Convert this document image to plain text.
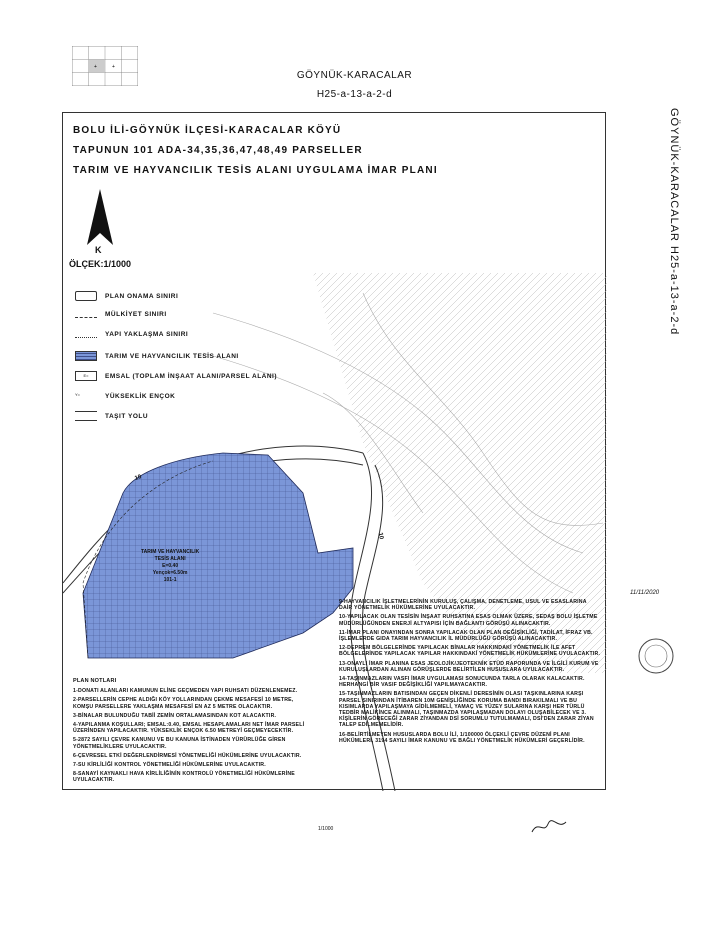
+	+
GÖYNÜK-KARACALAR
H25-a-13-a-2-d
GÖYNÜK-KARACALAR H25-a-13-a-2-d
BOLU İLİ-GÖYNÜK İLÇESİ-KARACALAR KÖYÜ
TAPUNUN 101 ADA-34,35,36,47,48,49 PARSELLER
TARIM VE HAYVANCILIK TESİS ALANI UYGULAMA İMAR PLANI
K
ÖLÇEK:1/1000
PLAN ONAMA SINIRI
MÜLKİYET SINIRI
YAPI YAKLAŞMA SINIRI
TARIM VE HAYVANCILIK TESİS ALANI
E=	EMSAL (TOPLAM İNŞAAT ALANI/PARSEL ALANI)
Y=	YÜKSEKLİK ENÇOK
TAŞIT YOLU
TARIM VE HAYVANCILIK
TESİS ALANI
E=0.40
Yençok=6.50m
101-1
10
10
PLAN NOTLARI
1-DONATI ALANLARI KAMUNUN ELİNE GEÇMEDEN YAPI RUHSATI DÜZENLENEMEZ.
2-PARSELLERİN CEPHE ALDIĞI KÖY YOLLARINDAN ÇEKME MESAFESİ 10 METRE, KOMŞU PARSELLERE YAKLAŞMA MESAFESİ EN AZ 5 METRE OLACAKTIR.
3-BİNALAR BULUNDUĞU TABİİ ZEMİN ORTALAMASINDAN KOT ALACAKTIR.
4-YAPILANMA KOŞULLARI; EMSAL:0.40, EMSAL HESAPLAMALARI NET İMAR PARSELİ ÜZERİNDEN YAPILACAKTIR. YÜKSEKLİK ENÇOK 6.50 METREYİ GEÇMEYECEKTİR.
5-2872 SAYILI ÇEVRE KANUNU VE BU KANUNA İSTİNADEN YÜRÜRLÜĞE GİREN YÖNETMELİKLERE UYULACAKTIR.
6-ÇEVRESEL ETKİ DEĞERLENDİRMESİ YÖNETMELİĞİ HÜKÜMLERİNE UYULACAKTIR.
7-SU KİRLİLİĞİ KONTROL YÖNETMELİĞİ HÜKÜMLERİNE UYULACAKTIR.
8-SANAYİ KAYNAKLI HAVA KİRLİLİĞİNİN KONTROLÜ YÖNETMELİĞİ HÜKÜMLERİNE UYULACAKTIR.
9-HAYVANCILIK İŞLETMELERİNİN KURULUŞ, ÇALIŞMA, DENETLEME, USUL VE ESASLARINA DAİR YÖNETMELİK HÜKÜMLERİNE UYULACAKTIR.
10-YAPILACAK OLAN TESİSİN İNŞAAT RUHSATINA ESAS OLMAK ÜZERE, SEDAŞ BOLU İŞLETME MÜDÜRLÜĞÜNDEN ENERJİ ALTYAPISI İÇİN BAĞLANTI GÖRÜŞÜ ALINACAKTIR.
11-İMAR PLANI ONAYINDAN SONRA YAPILACAK OLAN PLAN DEĞİŞİKLİĞİ, TADİLAT, İFRAZ VB. İŞLEMLERDE GIDA TARIM HAYVANCILIK İL MÜDÜRLÜĞÜ GÖRÜŞÜ ALINACAKTIR.
12-DEPREM BÖLGELERİNDE YAPILACAK BİNALAR HAKKINDAKİ YÖNETMELİK İLE AFET BÖLGELERİNDE YAPILACAK YAPILAR HAKKINDAKİ YÖNETMELİK HÜKÜMLERİNE UYULACAKTIR.
13-ONAYLI İMAR PLANINA ESAS JEOLOJİK/JEOTEKNİK ETÜD RAPORUNDA VE İLGİLİ KURUM VE KURULUŞLARDAN ALINAN GÖRÜŞLERDE BELİRTİLEN HUSUSLARA UYULACAKTIR.
14-TAŞINMAZLARIN VASFI İMAR UYGULAMASI SONUCUNDA TARLA OLARAK KALACAKTIR. HERHANGİ BİR VASIF DEĞİŞİKLİĞİ YAPILMAYACAKTIR.
15-TAŞINMAZLARIN BATISINDAN GEÇEN DİKENLİ DERESİNİN OLASI TAŞKINLARINA KARŞI PARSEL SINIRINDAN İTİBAREN 10M GENİŞLİĞİNDE KORUMA BANDI BIRAKILMALI VE BU KISIMLARDA YAPILAŞMAYA GİDİLMEMELİ, YAMAÇ VE YÜZEY SULARINA KARŞI HER TÜRLÜ TEDBİR MALİKİNCE ALINMALI, TAŞINMAZDA YAPILAŞMADAN DOLAYI OLUŞABİLECEK VE 3. KİŞİLERİN GÖRECEĞİ ZARAR ZİYANDAN DSİ SORUMLU TUTULMAMALI, DSİ'DEN ZARAR ZİYAN TALEP EDİLMEMELİDİR.
16-BELİRTİLMEYEN HUSUSLARDA BOLU İLİ, 1/100000 ÖLÇEKLİ ÇEVRE DÜZENİ PLANI HÜKÜMLERİ, 3194 SAYILI İMAR KANUNU VE BAĞLI YÖNETMELİK HÜKÜMLERİ GEÇERLİDİR.
11/11/2020
1/1000
